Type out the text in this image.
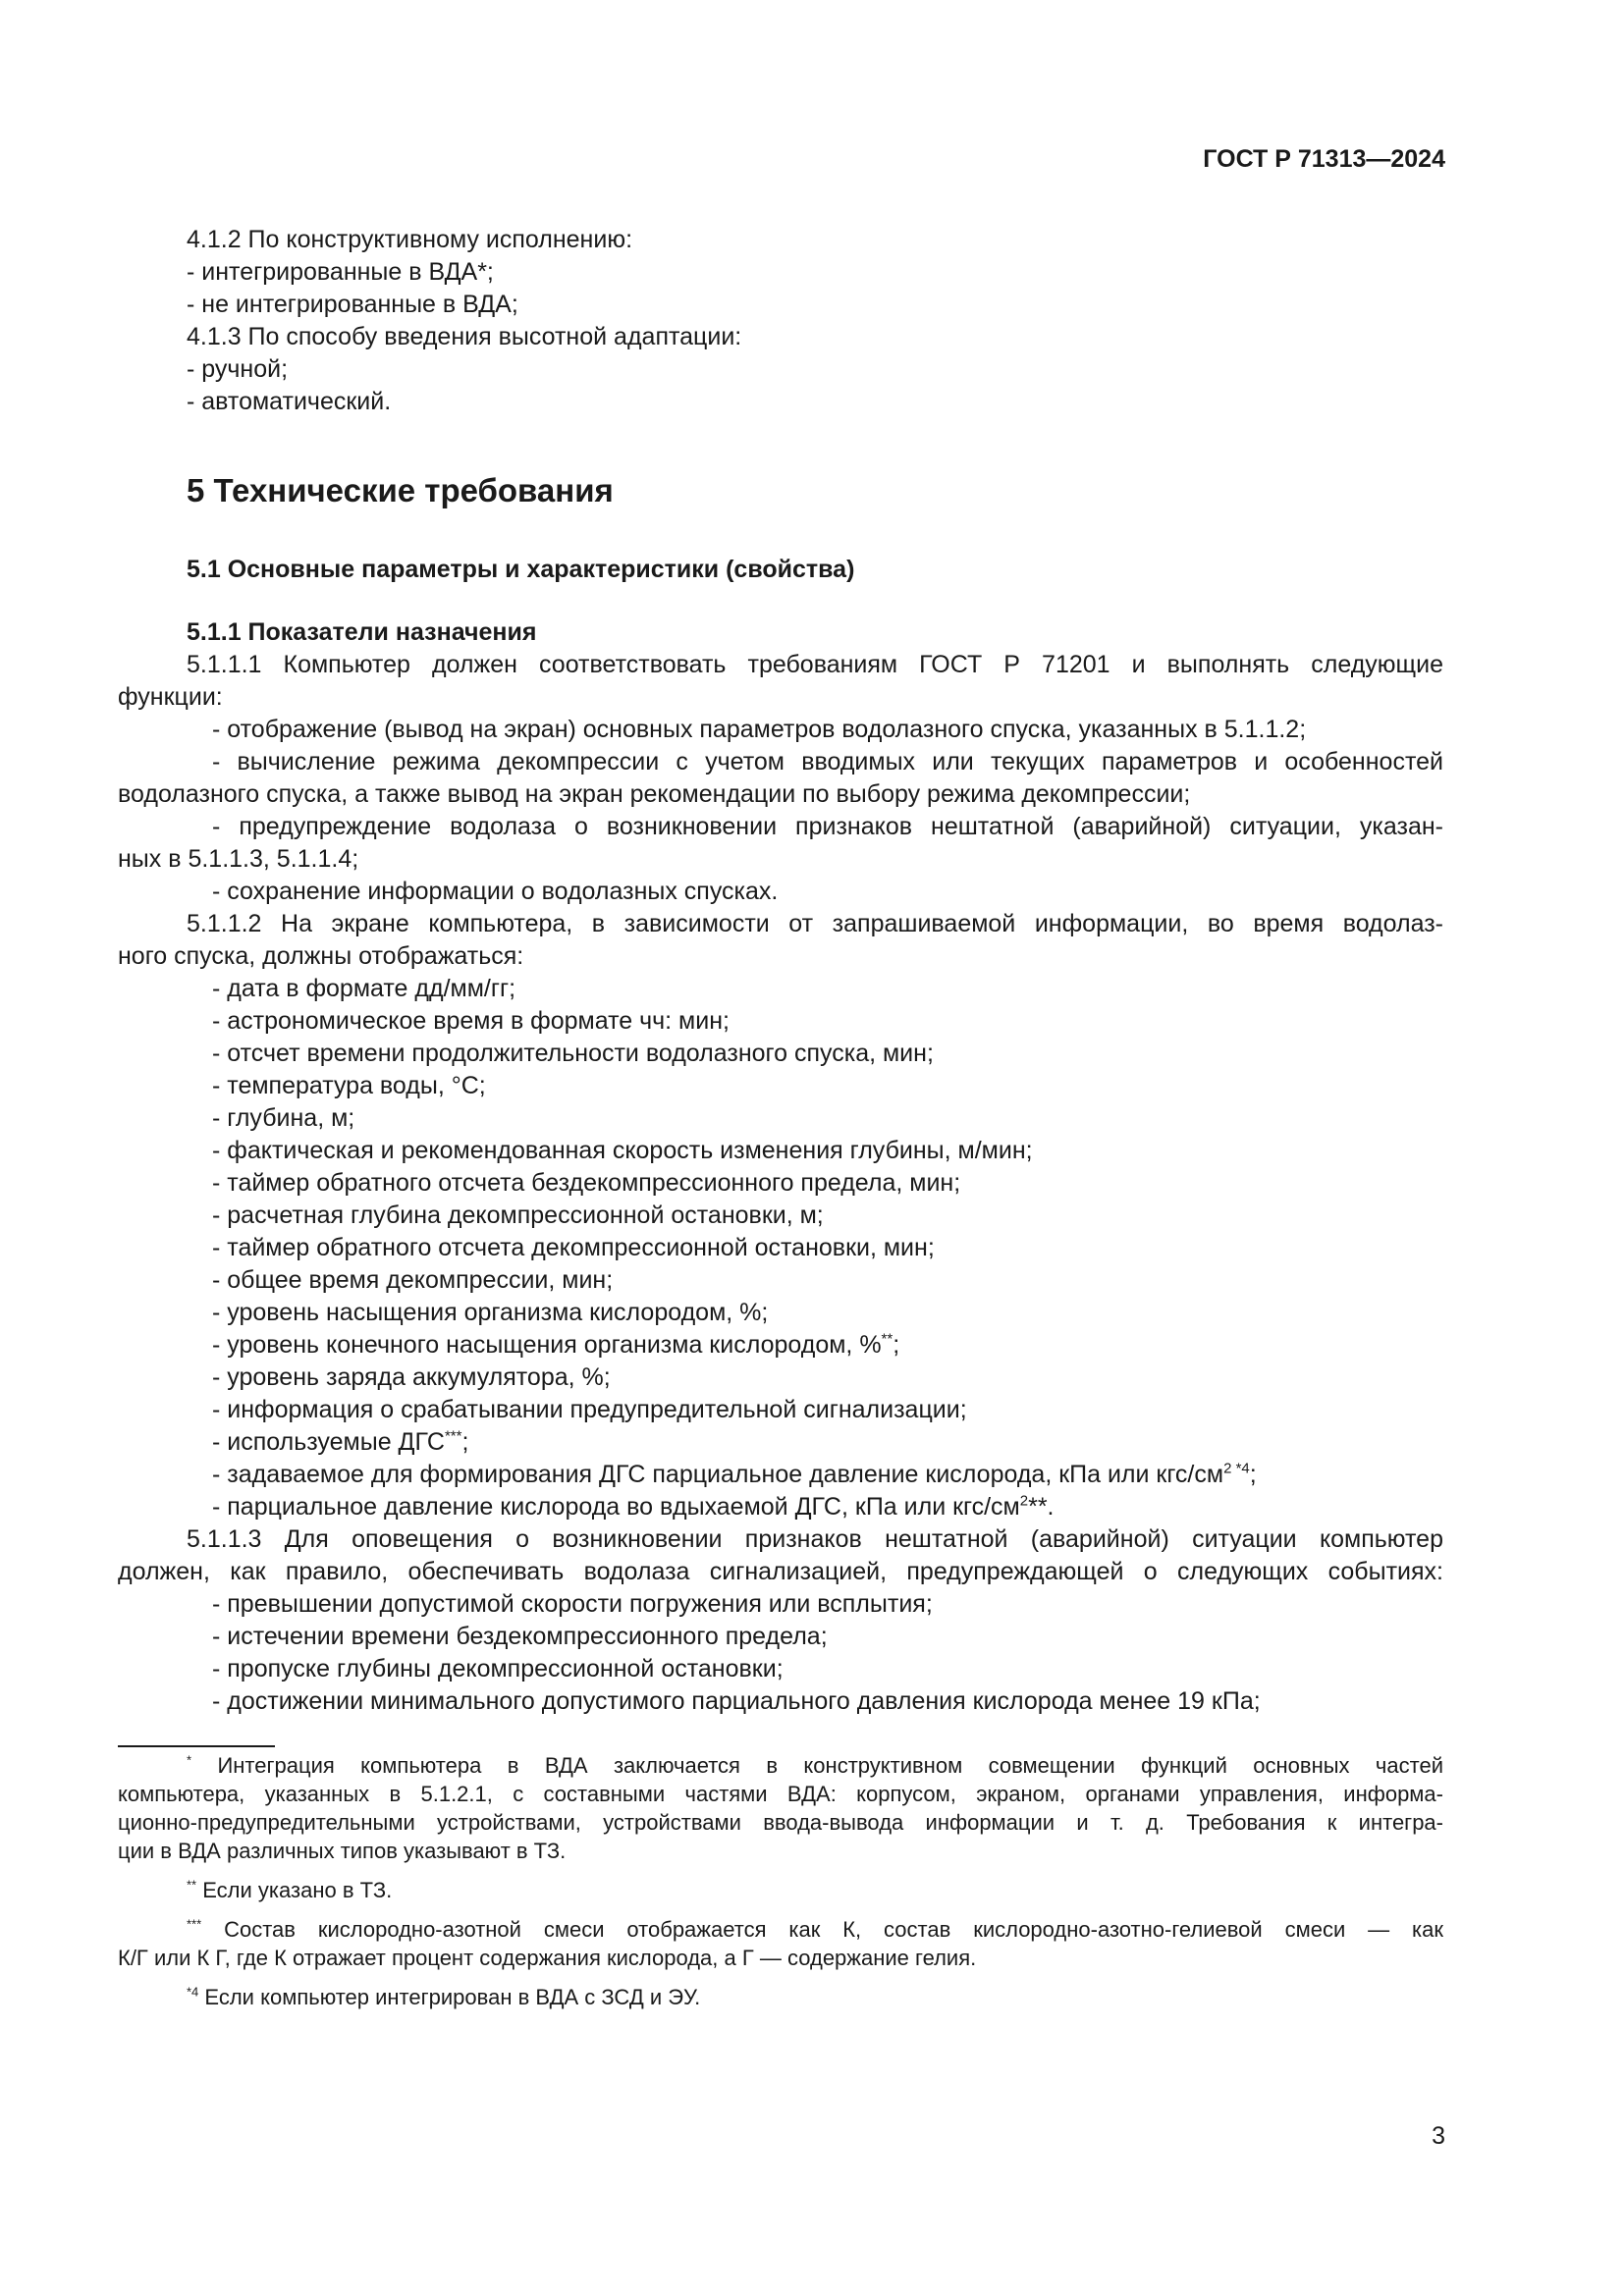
ГОСТ Р 71313—2024

4.1.2 По конструктивному исполнению:

- интегрированные в ВДА*;

- не интегрированные в ВДА;

4.1.3 По способу введения высотной адаптации:

- ручной;

- автоматический.

5 Технические требования
5.1 Основные параметры и характеристики (свойства)
5.1.1 Показатели назначения

5.1.1.1 Компьютер должен соответствовать требованиям ГОСТ Р 71201 и выполнять следующие

функции:

- отображение (вывод на экран) основных параметров водолазного спуска, указанных в 5.1.1.2;

- вычисление режима декомпрессии с учетом вводимых или текущих параметров и особенностей

водолазного спуска, а также вывод на экран рекомендации по выбору режима декомпрессии;

- предупреждение водолаза о возникновении признаков нештатной (аварийной) ситуации, указан-

ных в 5.1.1.3, 5.1.1.4;

- сохранение информации о водолазных спусках.

5.1.1.2 На экране компьютера, в зависимости от запрашиваемой информации, во время водолаз-

ного спуска, должны отображаться:

- дата в формате дд/мм/гг;

- астрономическое время в формате чч: мин;

- отсчет времени продолжительности водолазного спуска, мин;

- температура воды, °С;

- глубина, м;

- фактическая и рекомендованная скорость изменения глубины, м/мин;

- таймер обратного отсчета бездекомпрессионного предела, мин;

- расчетная глубина декомпрессионной остановки, м;

- таймер обратного отсчета декомпрессионной остановки, мин;

- общее время декомпрессии, мин;

- уровень насыщения организма кислородом, %;

- уровень конечного насыщения организма кислородом, %**;

- уровень заряда аккумулятора, %;

- информация о срабатывании предупредительной сигнализации;

- используемые ДГС***;

- задаваемое для формирования ДГС парциальное давление кислорода, кПа или кгс/$см^{2 *4}$;

- парциальное давление кислорода во вдыхаемой ДГС, кПа или кгс/$см^2**$.

5.1.1.3 Для оповещения о возникновении признаков нештатной (аварийной) ситуации компьютер

должен, как правило, обеспечивать водолаза сигнализацией, предупреждающей о следующих событиях:

- превышении допустимой скорости погружения или всплытия;

- истечении времени бездекомпрессионного предела;

- пропуске глубины декомпрессионной остановки;

- достижении минимального допустимого парциального давления кислорода менее 19 кПа;

* Интеграция компьютера в ВДА заключается в конструктивном совмещении функций основных частей
компьютера, указанных в 5.1.2.1, с составными частями ВДА: корпусом, экраном, органами управления, информа-
ционно-предупредительными устройствами, устройствами ввода-вывода информации и т. д. Требования к интегра-
ции в ВДА различных типов указывают в ТЗ.
** Если указано в ТЗ.
*** Состав кислородно-азотной смеси отображается как К, состав кислородно-азотно-гелиевой смеси — как
К/Г или К Г, где К отражает процент содержания кислорода, а Г — содержание гелия.
$^{*4}$ Если компьютер интегрирован в ВДА с ЗСД и ЭУ.
3
